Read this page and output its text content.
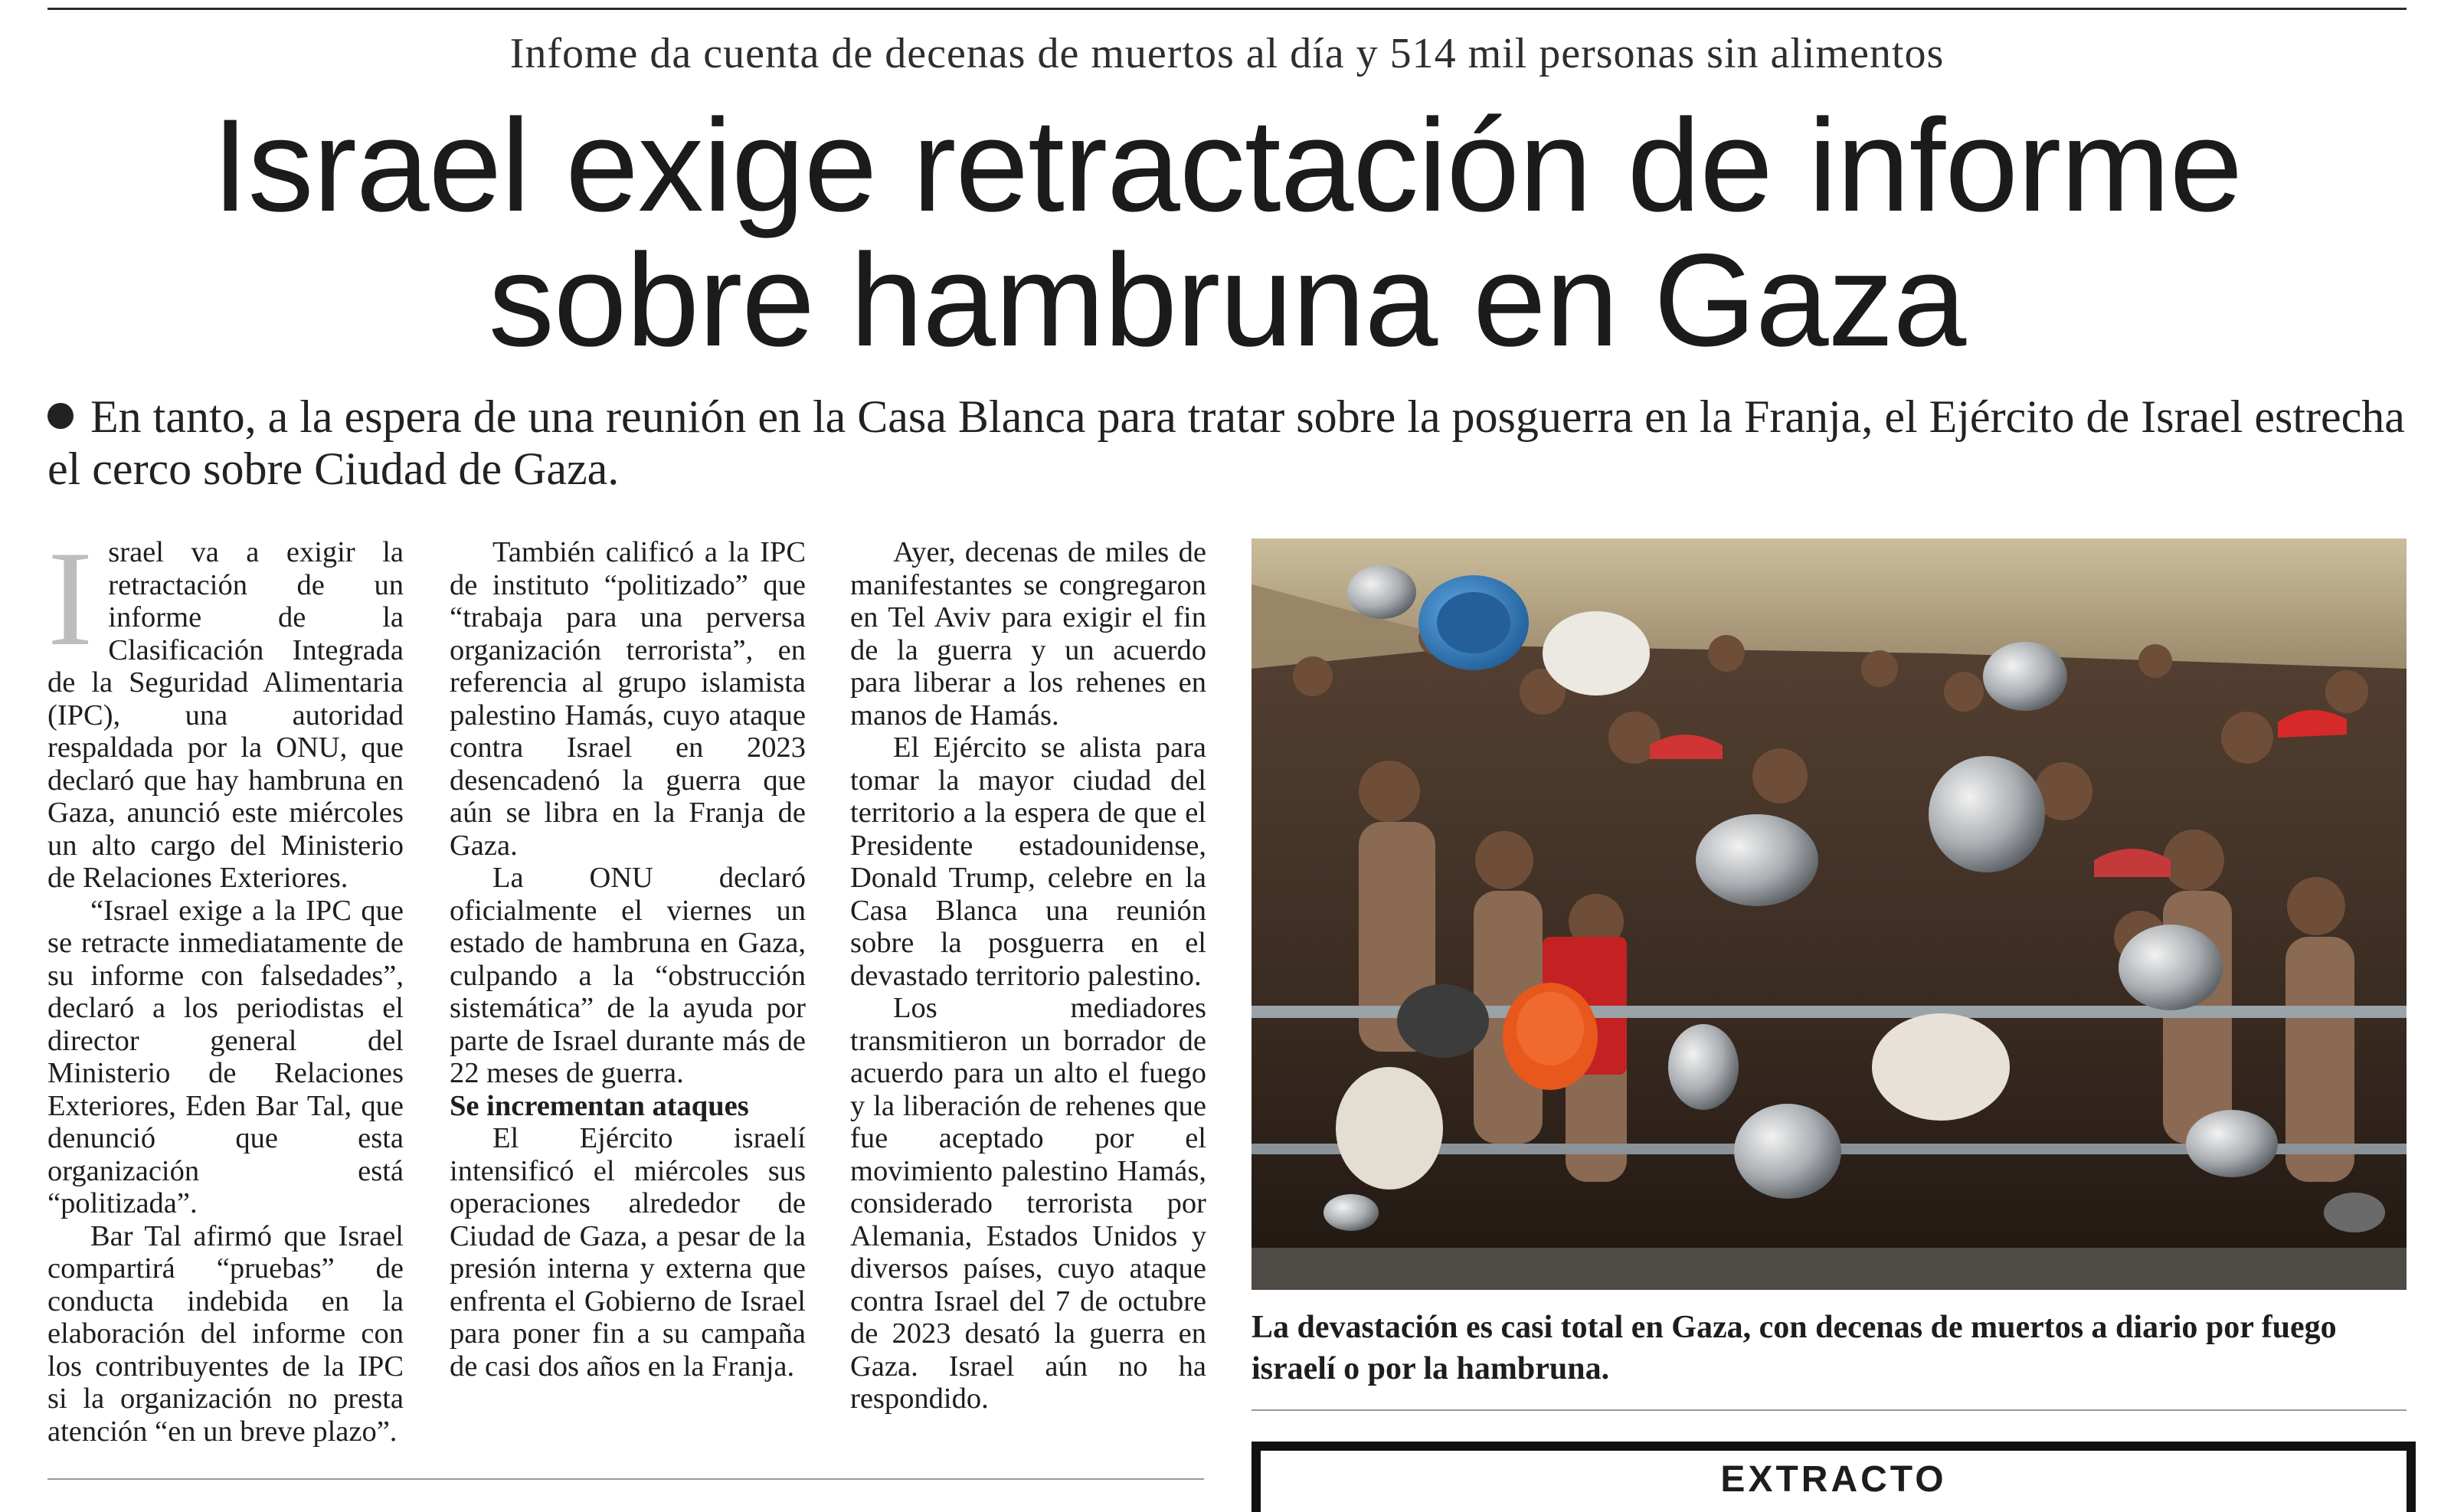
Infome da cuenta de decenas de muertos al día y 514 mil personas sin alimentos
Israel exige retractación de informe
sobre hambruna en Gaza
En tanto, a la espera de una reunión en la Casa Blanca para tratar sobre la posguerra en la Franja, el Ejército de Israel estrecha el cerco sobre Ciudad de Gaza.

Israel va a exigir la retractación de un informe de la Clasificación Integrada de la Seguridad Alimentaria (IPC), una autoridad respaldada por la ONU, que declaró que hay hambruna en Gaza, anunció este miércoles un alto cargo del Ministerio de Relaciones Exteriores.

“Israel exige a la IPC que se retracte inmediatamente de su informe con falsedades”, declaró a los periodistas el director general del Ministerio de Relaciones Exteriores, Eden Bar Tal, que denunció que esta organización está “politizada”.

Bar Tal afirmó que Israel compartirá “pruebas” de conducta indebida en la elaboración del informe con los contribuyentes de la IPC si la organización no presta atención “en un breve plazo”.

También calificó a la IPC de instituto “politizado” que “trabaja para una perversa organización terrorista”, en referencia al grupo islamista palestino Hamás, cuyo ataque contra Israel en 2023 desencadenó la guerra que aún se libra en la Franja de Gaza.

La ONU declaró oficialmente el viernes un estado de hambruna en Gaza, culpando a la “obstrucción sistemática” de la ayuda por parte de Israel durante más de 22 meses de guerra.

Se incrementan ataques

El Ejército israelí intensificó el miércoles sus operaciones alrededor de Ciudad de Gaza, a pesar de la presión interna y externa que enfrenta el Gobierno de Israel para poner fin a su campaña de casi dos años en la Franja.

Ayer, decenas de miles de manifestantes se congregaron en Tel Aviv para exigir el fin de la guerra y un acuerdo para liberar a los rehenes en manos de Hamás.

El Ejército se alista para tomar la mayor ciudad del territorio a la espera de que el Presidente estadounidense, Donald Trump, celebre en la Casa Blanca una reunión sobre la posguerra en el devastado territorio palestino.

Los mediadores transmitieron un borrador de acuerdo para un alto el fuego y la liberación de rehenes que fue aceptado por el movimiento palestino Hamás, considerado terrorista por Alemania, Estados Unidos y diversos países, cuyo ataque contra Israel del 7 de octubre de 2023 desató la guerra en Gaza. Israel aún no ha respondido.

La devastación es casi total en Gaza, con decenas de muertos a diario por fuego israelí o por la hambruna.
EXTRACTO
